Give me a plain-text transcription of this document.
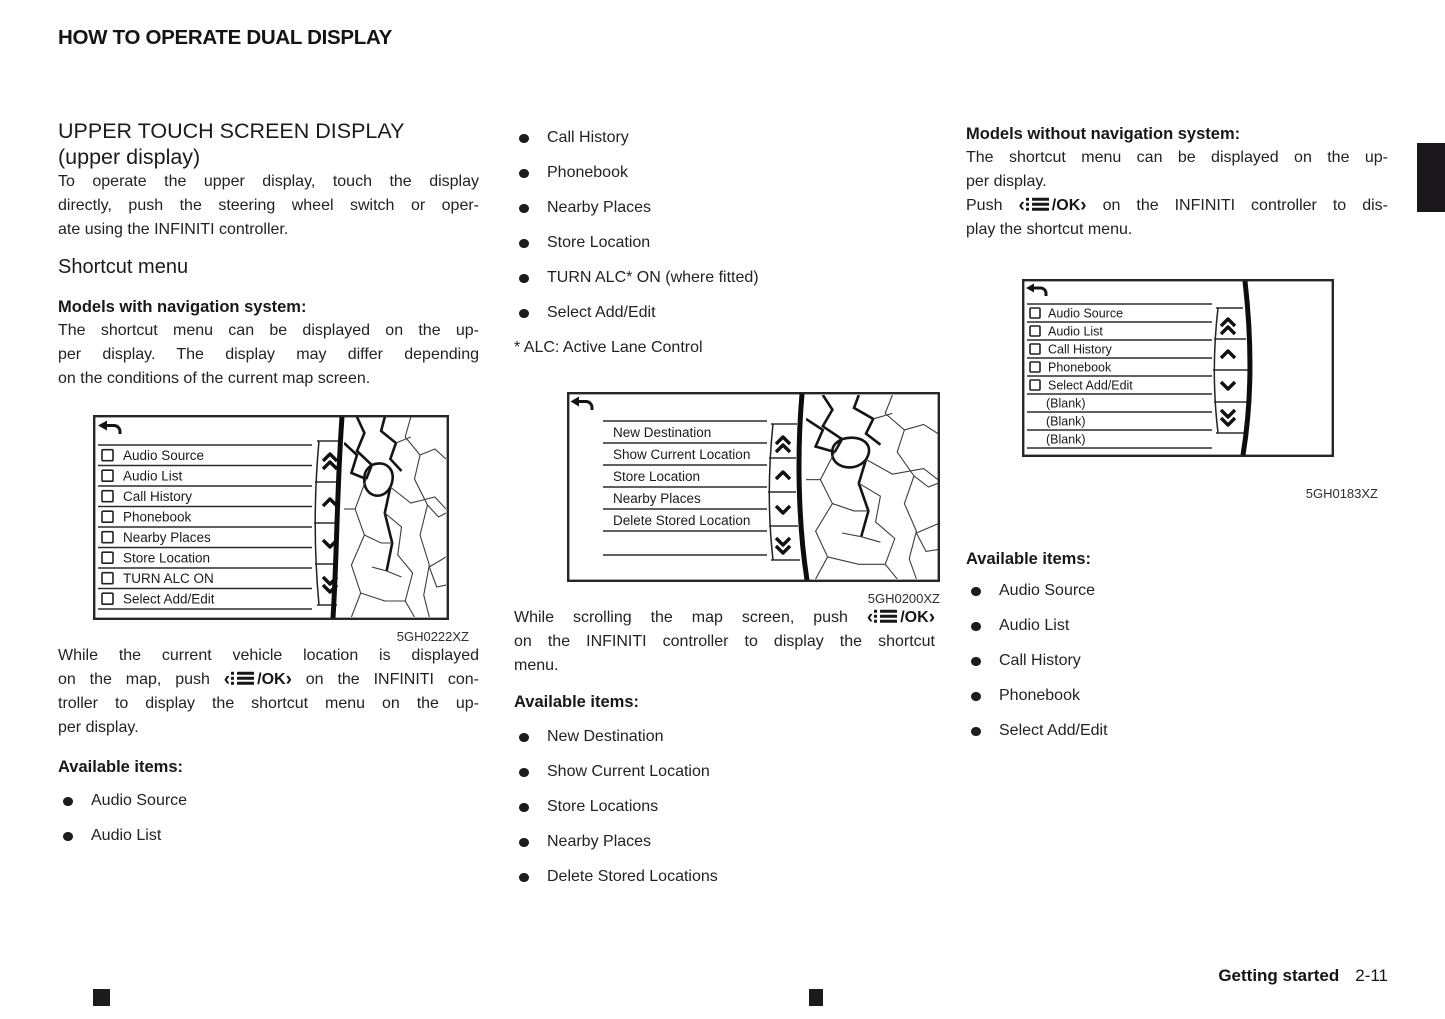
HOW TO OPERATE DUAL DISPLAY
UPPER TOUCH SCREEN DISPLAY
(upper display)

To operate the upper display, touch the display
directly, push the steering wheel switch or oper-
ate using the INFINITI controller.

Shortcut menu
Models with navigation system:

The shortcut menu can be displayed on the up-
per display. The display may differ depending
on the conditions of the current map screen.

Audio Source
Audio List
Call History
Phonebook
Nearby Places
Store Location
TURN ALC ON
Select Add/Edit
5GH0222XZ

While the current vehicle location is displayed
on the map, push ‹ /OK› on the INFINITI con-
troller to display the shortcut menu on the up-
per display.

Available items:
Audio Source
Audio List
Call History
Phonebook
Nearby Places
Store Location
TURN ALC* ON (where fitted)
Select Add/Edit

* ALC: Active Lane Control

New Destination
Show Current Location
Store Location
Nearby Places
Delete Stored Location
5GH0200XZ

While scrolling the map screen, push ‹ /OK›
on the INFINITI controller to display the shortcut
menu.

Available items:
New Destination
Show Current Location
Store Locations
Nearby Places
Delete Stored Locations
Models without navigation system:

The shortcut menu can be displayed on the up-
per display.

Push ‹ /OK› on the INFINITI controller to dis-
play the shortcut menu.

Audio Source
Audio List
Call History
Phonebook
Select Add/Edit
(Blank)
(Blank)
(Blank)
5GH0183XZ
Available items:
Audio Source
Audio List
Call History
Phonebook
Select Add/Edit
Getting started 2-11
